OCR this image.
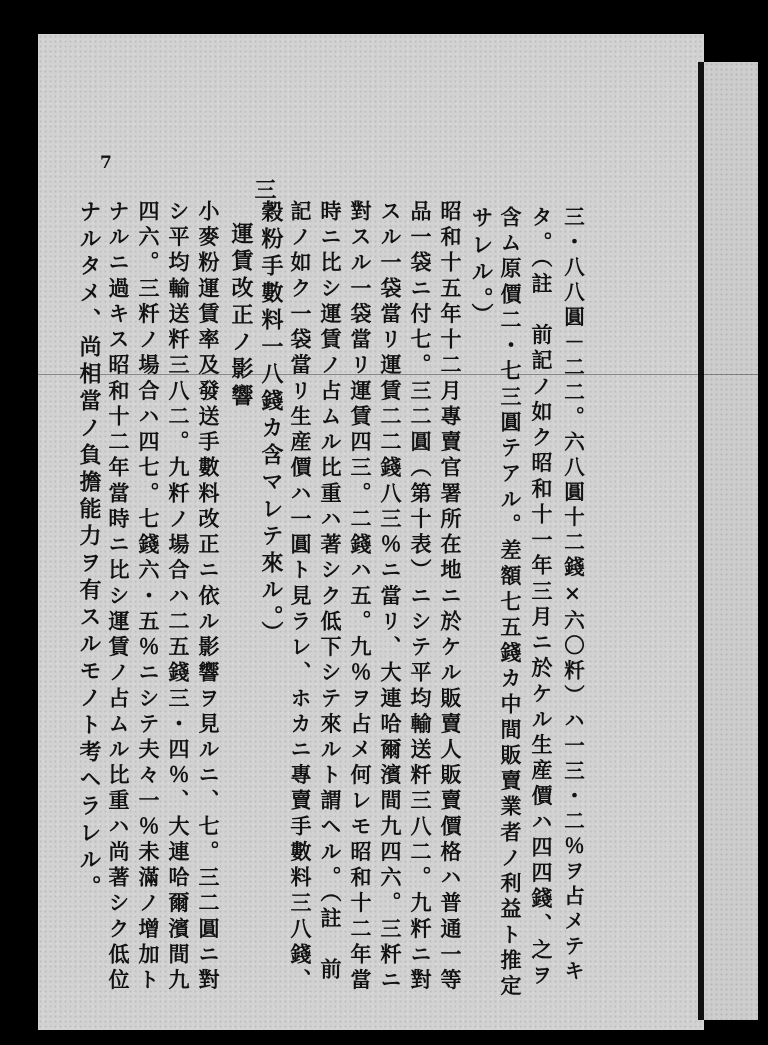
7
三
三・八八圓－二二。六八圓十二錢×六〇粁）ハ一三・二％ヲ占メテキ
タ。（註　前記ノ如ク昭和十一年三月ニ於ケル生産價ハ四四錢、之ヲ
含ム原價二・七三圓テアル。差額七五錢カ中間販賣業者ノ利益ト推定
サレル。）
昭和十五年十二月專賣官署所在地ニ於ケル販賣人販賣價格ハ普通一等
品一袋ニ付七。三二圓（第十表）ニシテ平均輸送粁三八二。九粁ニ對
スル一袋當リ運賃二二錢八三％ニ當リ、大連哈爾濱間九四六。三粁ニ
對スル一袋當リ運賃四三。二錢ハ五。九％ヲ占メ何レモ昭和十二年當
時ニ比シ運賃ノ占ムル比重ハ著シク低下シテ來ルト謂ヘル。（註　前
記ノ如ク一袋當リ生産價ハ一圓ト見ラレ、ホカニ專賣手數料三八錢、
穀粉手數料一八錢カ含マレテ來ル。）
運賃改正ノ影響
小麥粉運賃率及發送手數料改正ニ依ル影響ヲ見ルニ、七。三二圓ニ對
シ平均輸送粁三八二。九粁ノ場合ハ二五錢三・四％、大連哈爾濱間九
四六。三粁ノ場合ハ四七。七錢六・五％ニシテ夫々一％未滿ノ增加ト
ナルニ過キス昭和十二年當時ニ比シ運賃ノ占ムル比重ハ尚著シク低位
ナルタメ、尚相當ノ負擔能力ヲ有スルモノト考ヘラレル。
